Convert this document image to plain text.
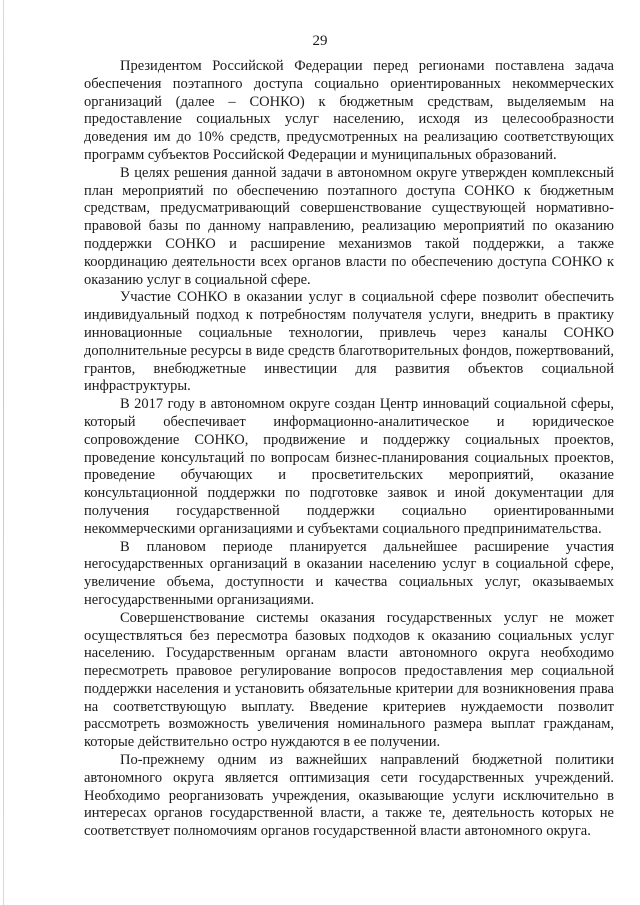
29

Президентом Российской Федерации перед регионами поставлена задача обеспечения поэтапного доступа социально ориентированных некоммерческих организаций (далее – СОНКО) к бюджетным средствам, выделяемым на предоставление социальных услуг населению, исходя из целесообразности доведения им до 10% средств, предусмотренных на реализацию соответствующих программ субъектов Российской Федерации и муниципальных образований.

В целях решения данной задачи в автономном округе утвержден комплексный план мероприятий по обеспечению поэтапного доступа СОНКО к бюджетным средствам, предусматривающий совершенствование существующей нормативно-правовой базы по данному направлению, реализацию мероприятий по оказанию поддержки СОНКО и расширение механизмов такой поддержки, а также координацию деятельности всех органов власти по обеспечению доступа СОНКО к оказанию услуг в социальной сфере.

Участие СОНКО в оказании услуг в социальной сфере позволит обеспечить индивидуальный подход к потребностям получателя услуги, внедрить в практику инновационные социальные технологии, привлечь через каналы СОНКО дополнительные ресурсы в виде средств благотворительных фондов, пожертвований, грантов, внебюджетные инвестиции для развития объектов социальной инфраструктуры.

В 2017 году в автономном округе создан Центр инноваций социальной сферы, который обеспечивает информационно-аналитическое и юридическое сопровождение СОНКО, продвижение и поддержку социальных проектов, проведение консультаций по вопросам бизнес-планирования социальных проектов, проведение обучающих и просветительских мероприятий, оказание консультационной поддержки по подготовке заявок и иной документации для получения государственной поддержки социально ориентированными некоммерческими организациями и субъектами социального предпринимательства.

В плановом периоде планируется дальнейшее расширение участия негосударственных организаций в оказании населению услуг в социальной сфере, увеличение объема, доступности и качества социальных услуг, оказываемых негосударственными организациями.

Совершенствование системы оказания государственных услуг не может осуществляться без пересмотра базовых подходов к оказанию социальных услуг населению. Государственным органам власти автономного округа необходимо пересмотреть правовое регулирование вопросов предоставления мер социальной поддержки населения и установить обязательные критерии для возникновения права на соответствующую выплату. Введение критериев нуждаемости позволит рассмотреть возможность увеличения номинального размера выплат гражданам, которые действительно остро нуждаются в ее получении.

По-прежнему одним из важнейших направлений бюджетной политики автономного округа является оптимизация сети государственных учреждений. Необходимо реорганизовать учреждения, оказывающие услуги исключительно в интересах органов государственной власти, а также те, деятельность которых не соответствует полномочиям органов государственной власти автономного округа.
